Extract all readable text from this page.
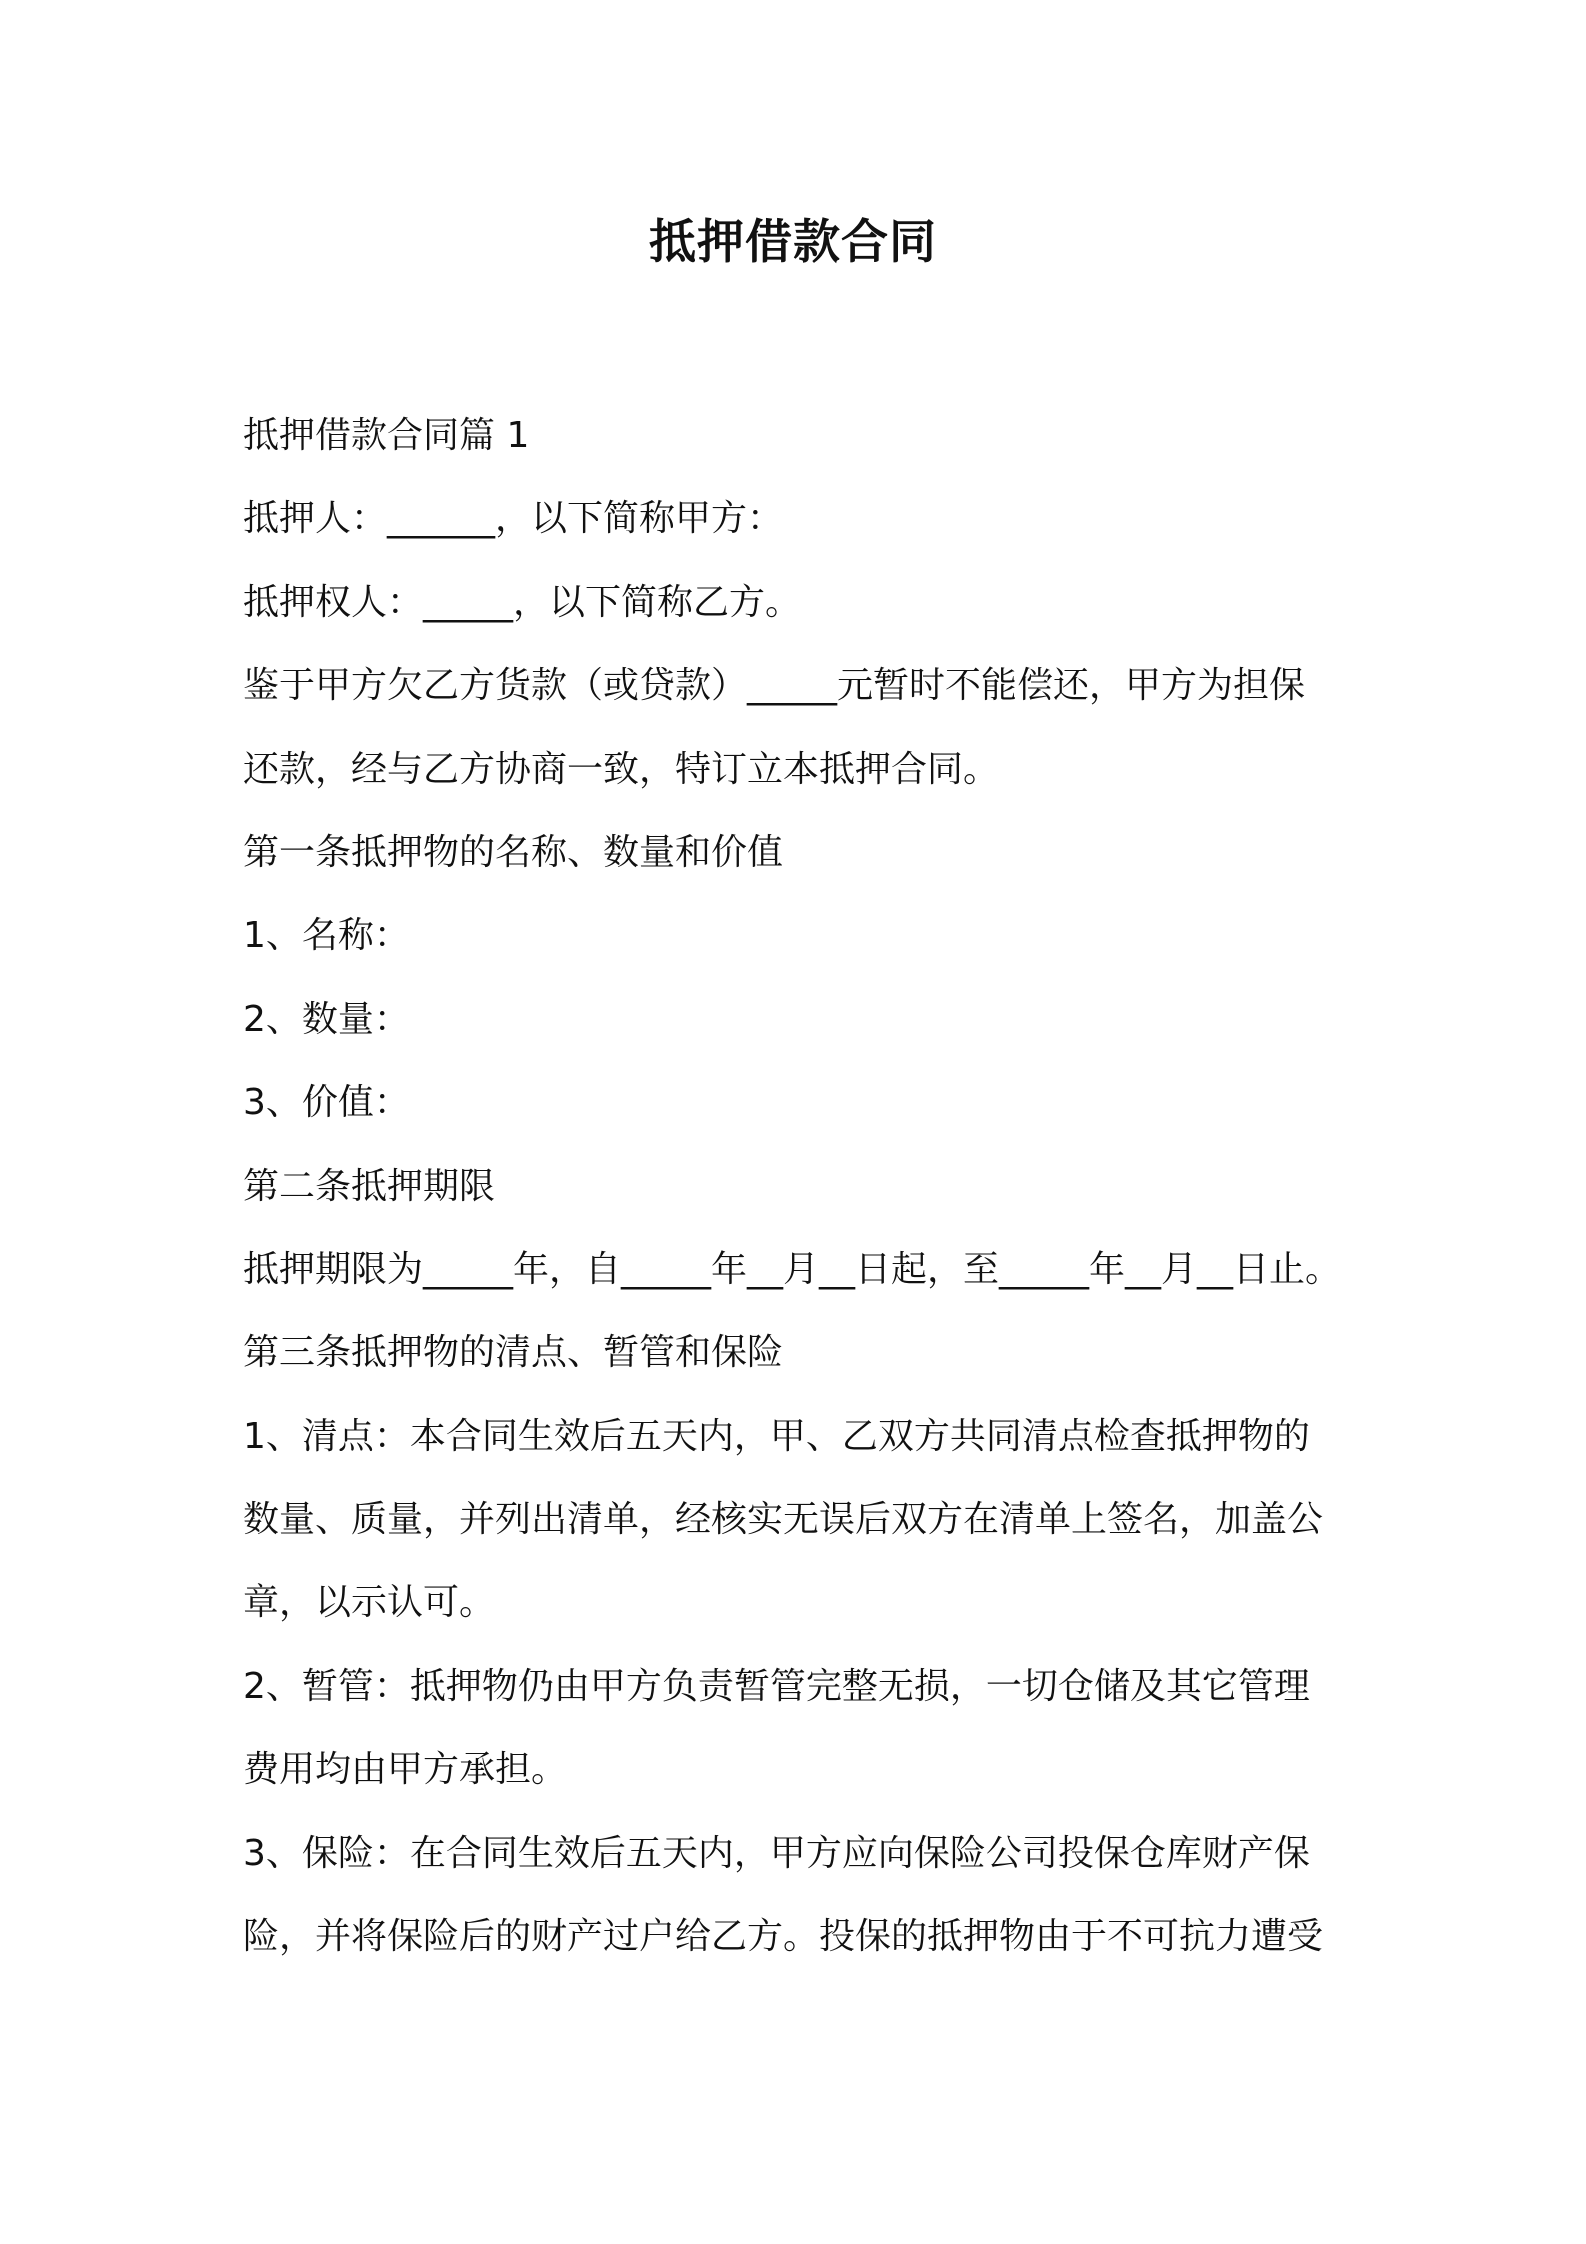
抵押借款合同

抵押借款合同篇 1

抵押人：______，以下简称甲方：

抵押权人：_____，以下简称乙方。

鉴于甲方欠乙方货款（或贷款）_____元暂时不能偿还，甲方为担保

还款，经与乙方协商一致，特订立本抵押合同。

第一条抵押物的名称、数量和价值

1、名称：

2、数量：

3、价值：

第二条抵押期限

抵押期限为_____年，自_____年__月__日起，至_____年__月__日止。

第三条抵押物的清点、暂管和保险

1、清点：本合同生效后五天内，甲、乙双方共同清点检查抵押物的

数量、质量，并列出清单，经核实无误后双方在清单上签名，加盖公

章，以示认可。

2、暂管：抵押物仍由甲方负责暂管完整无损，一切仓储及其它管理

费用均由甲方承担。

3、保险：在合同生效后五天内，甲方应向保险公司投保仓库财产保

险，并将保险后的财产过户给乙方。投保的抵押物由于不可抗力遭受
